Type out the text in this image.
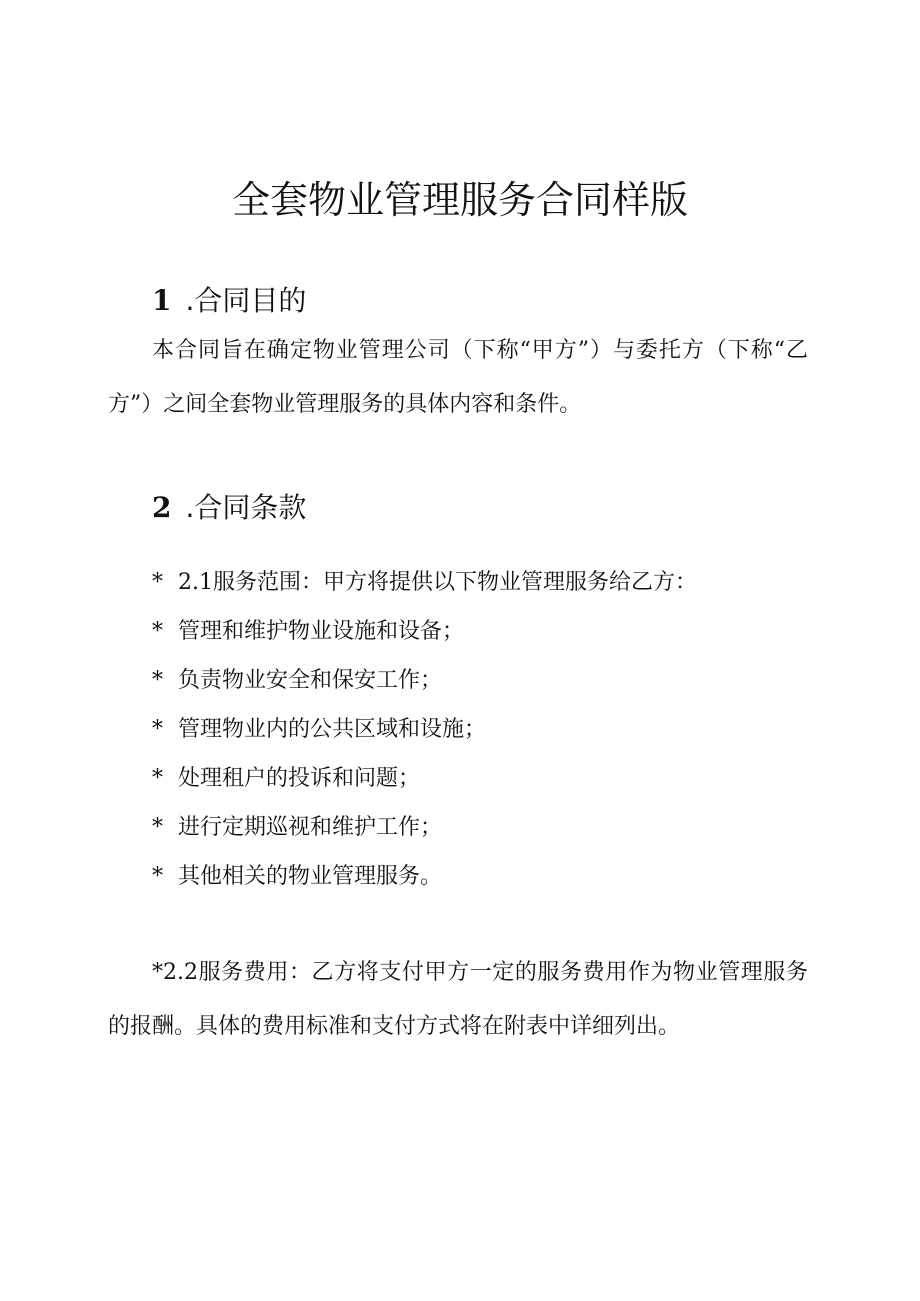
全套物业管理服务合同样版
1 .合同目的

本合同旨在确定物业管理公司（下称“甲方”）与委托方（下称“乙方”）之间全套物业管理服务的具体内容和条件。

2 .合同条款
* 2.1服务范围：甲方将提供以下物业管理服务给乙方：
* 管理和维护物业设施和设备；
* 负责物业安全和保安工作；
* 管理物业内的公共区域和设施；
* 处理租户的投诉和问题；
* 进行定期巡视和维护工作；
* 其他相关的物业管理服务。

*2.2服务费用：乙方将支付甲方一定的服务费用作为物业管理服务的报酬。具体的费用标准和支付方式将在附表中详细列出。
